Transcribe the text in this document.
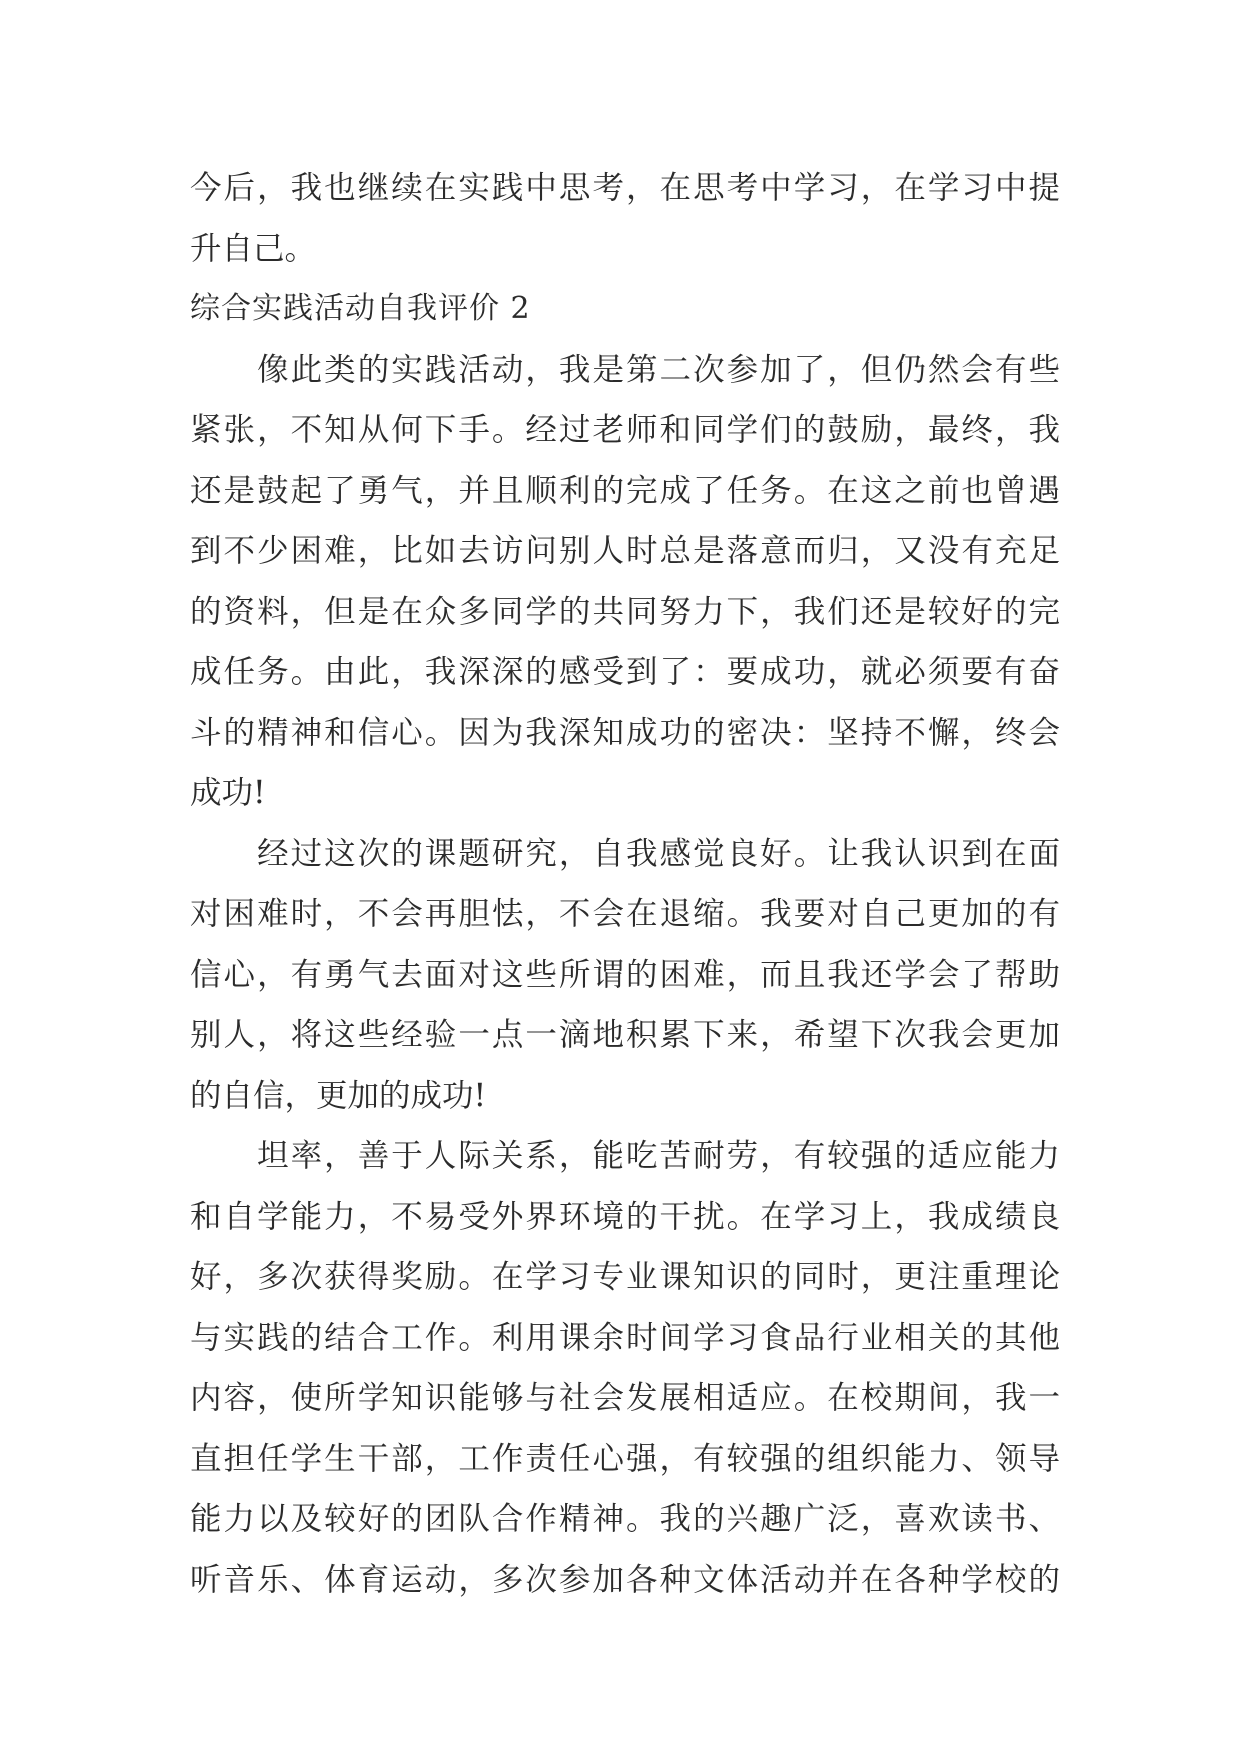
今后，我也继续在实践中思考，在思考中学习，在学习中提
升自己。
综合实践活动自我评价 2
　　像此类的实践活动，我是第二次参加了，但仍然会有些
紧张，不知从何下手。经过老师和同学们的鼓励，最终，我
还是鼓起了勇气，并且顺利的完成了任务。在这之前也曾遇
到不少困难，比如去访问别人时总是落意而归，又没有充足
的资料，但是在众多同学的共同努力下，我们还是较好的完
成任务。由此，我深深的感受到了：要成功，就必须要有奋
斗的精神和信心。因为我深知成功的密决：坚持不懈，终会
成功!
　　经过这次的课题研究，自我感觉良好。让我认识到在面
对困难时，不会再胆怯，不会在退缩。我要对自己更加的有
信心，有勇气去面对这些所谓的困难，而且我还学会了帮助
别人，将这些经验一点一滴地积累下来，希望下次我会更加
的自信，更加的成功!
　　坦率，善于人际关系，能吃苦耐劳，有较强的适应能力
和自学能力，不易受外界环境的干扰。在学习上，我成绩良
好，多次获得奖励。在学习专业课知识的同时，更注重理论
与实践的结合工作。利用课余时间学习食品行业相关的其他
内容，使所学知识能够与社会发展相适应。在校期间，我一
直担任学生干部，工作责任心强，有较强的组织能力、领导
能力以及较好的团队合作精神。我的兴趣广泛，喜欢读书、
听音乐、体育运动，多次参加各种文体活动并在各种学校的
